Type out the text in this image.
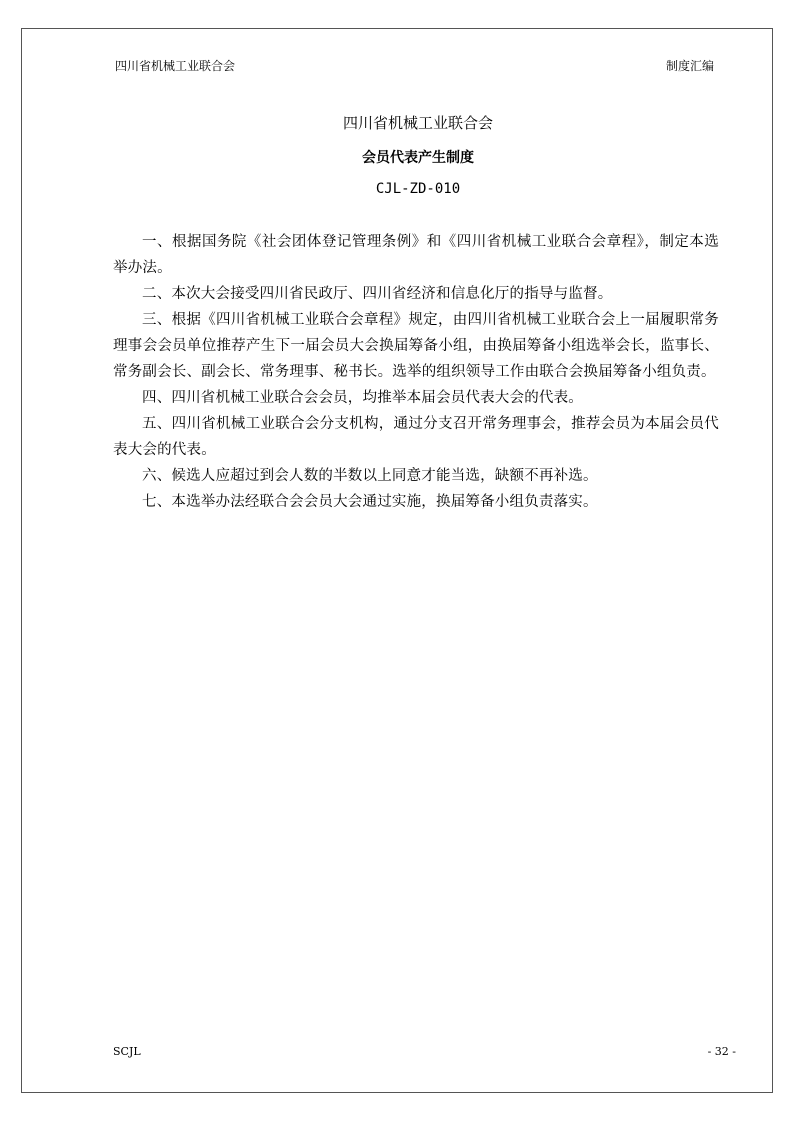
四川省机械工业联合会	制度汇编
四川省机械工业联合会
会员代表产生制度
CJL-ZD-010

一、根据国务院《社会团体登记管理条例》和《四川省机械工业联合会章程》，制定本选举办法。

二、本次大会接受四川省民政厅、四川省经济和信息化厅的指导与监督。

三、根据《四川省机械工业联合会章程》规定，由四川省机械工业联合会上一届履职常务理事会会员单位推荐产生下一届会员大会换届筹备小组，由换届筹备小组选举会长，监事长、常务副会长、副会长、常务理事、秘书长。选举的组织领导工作由联合会换届筹备小组负责。

四、四川省机械工业联合会会员，均推举本届会员代表大会的代表。

五、四川省机械工业联合会分支机构，通过分支召开常务理事会，推荐会员为本届会员代表大会的代表。

六、候选人应超过到会人数的半数以上同意才能当选，缺额不再补选。

七、本选举办法经联合会会员大会通过实施，换届筹备小组负责落实。

SCJL	- 32 -
